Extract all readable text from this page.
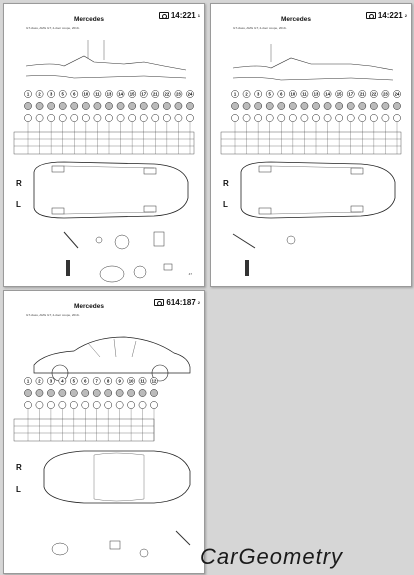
Mercedes
GT-class, AMG GT, 4-door coupe, 2019-
14:221 1
1 2 3 5 6 10 11 13 14 15 17 21 22 23 24
R
L
47
Mercedes
GT-class, AMG GT, 4-door coupe, 2019-
14:221 2
1 2 3 5 6 10 11 13 14 15 17 21 22 23 24
R
L
Mercedes
GT-class, AMG GT, 4-door coupe, 2019-
614:187 2
1 2 3 4 5 6 7 8 9 10 11 12
R
L
CarGeometry
